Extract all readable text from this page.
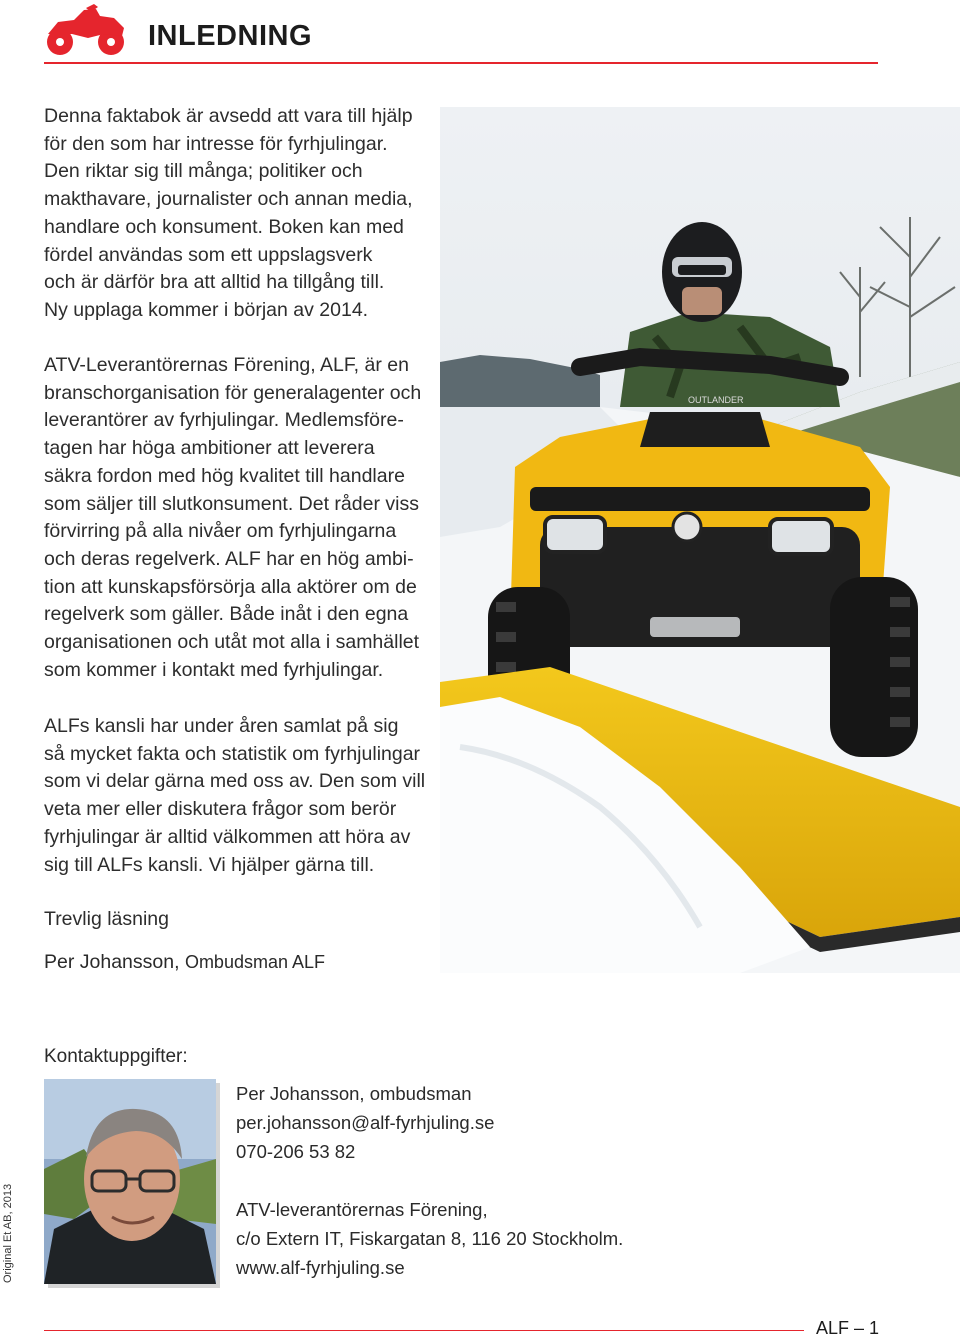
INLEDNING

Denna faktabok är avsedd att vara till hjälp
för den som har intresse för fyrhjulingar.
Den riktar sig till många; politiker och
makthavare, journalister och annan media,
handlare och konsument. Boken kan med
fördel användas som ett uppslagsverk
och är därför bra att alltid ha tillgång till.
Ny upplaga kommer i början av 2014.

ATV-Leverantörernas Förening, ALF, är en
branschorganisation för generalagenter och
leverantörer av fyrhjulingar. Medlemsföre-
tagen har höga ambitioner att leverera
säkra fordon med hög kvalitet till handlare
som säljer till slutkonsument. Det råder viss
förvirring på alla nivåer om fyrhjulingarna
och deras regelverk. ALF har en hög ambi-
tion att kunskapsförsörja alla aktörer om de
regelverk som gäller. Både inåt i den egna
organisationen och utåt mot alla i samhället
som kommer i kontakt med fyrhjulingar.

ALFs kansli har under åren samlat på sig
så mycket fakta och statistik om fyrhjulingar
som vi delar gärna med oss av. Den som vill
veta mer eller diskutera frågor som berör
fyrhjulingar är alltid välkommen att höra av
sig till ALFs kansli. Vi hjälper gärna till.

Trevlig läsning

Per Johansson, Ombudsman ALF
OUTLANDER
Kontaktuppgifter:
Per Johansson, ombudsman
per.johansson@alf-fyrhjuling.se
070-206 53 82
ATV-leverantörernas Förening,
c/o Extern IT, Fiskargatan 8, 116 20 Stockholm.
www.alf-fyrhjuling.se
Original Et AB, 2013
ALF – 1
